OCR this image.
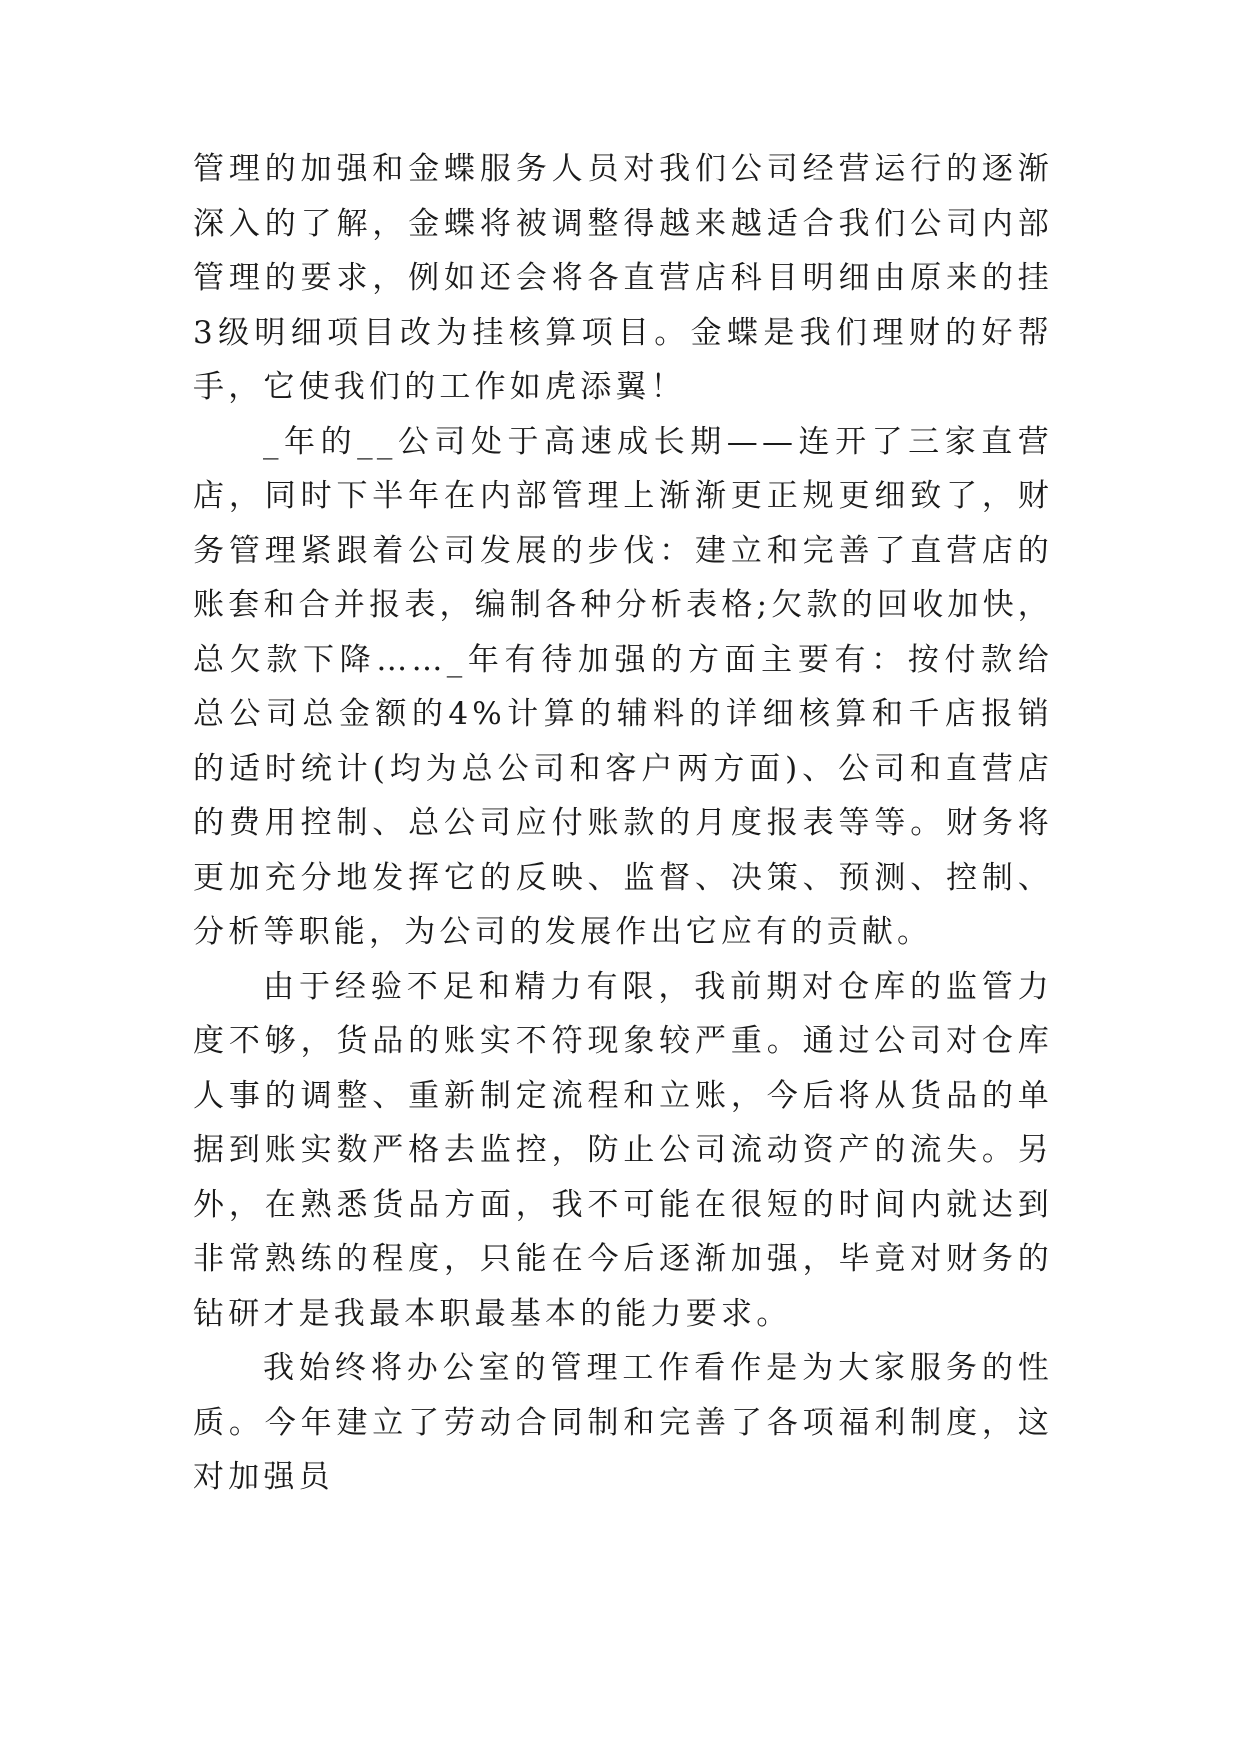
管理的加强和金蝶服务人员对我们公司经营运行的逐渐深入的了解，金蝶将被调整得越来越适合我们公司内部管理的要求，例如还会将各直营店科目明细由原来的挂3级明细项目改为挂核算项目。金蝶是我们理财的好帮手，它使我们的工作如虎添翼！

_年的__公司处于高速成长期——连开了三家直营店，同时下半年在内部管理上渐渐更正规更细致了，财务管理紧跟着公司发展的步伐：建立和完善了直营店的账套和合并报表，编制各种分析表格;欠款的回收加快，总欠款下降……_年有待加强的方面主要有：按付款给总公司总金额的4%计算的辅料的详细核算和千店报销的适时统计(均为总公司和客户两方面)、公司和直营店的费用控制、总公司应付账款的月度报表等等。财务将更加充分地发挥它的反映、监督、决策、预测、控制、分析等职能，为公司的发展作出它应有的贡献。

由于经验不足和精力有限，我前期对仓库的监管力度不够，货品的账实不符现象较严重。通过公司对仓库人事的调整、重新制定流程和立账，今后将从货品的单据到账实数严格去监控，防止公司流动资产的流失。另外，在熟悉货品方面，我不可能在很短的时间内就达到非常熟练的程度，只能在今后逐渐加强，毕竟对财务的钻研才是我最本职最基本的能力要求。

我始终将办公室的管理工作看作是为大家服务的性质。今年建立了劳动合同制和完善了各项福利制度，这对加强员
